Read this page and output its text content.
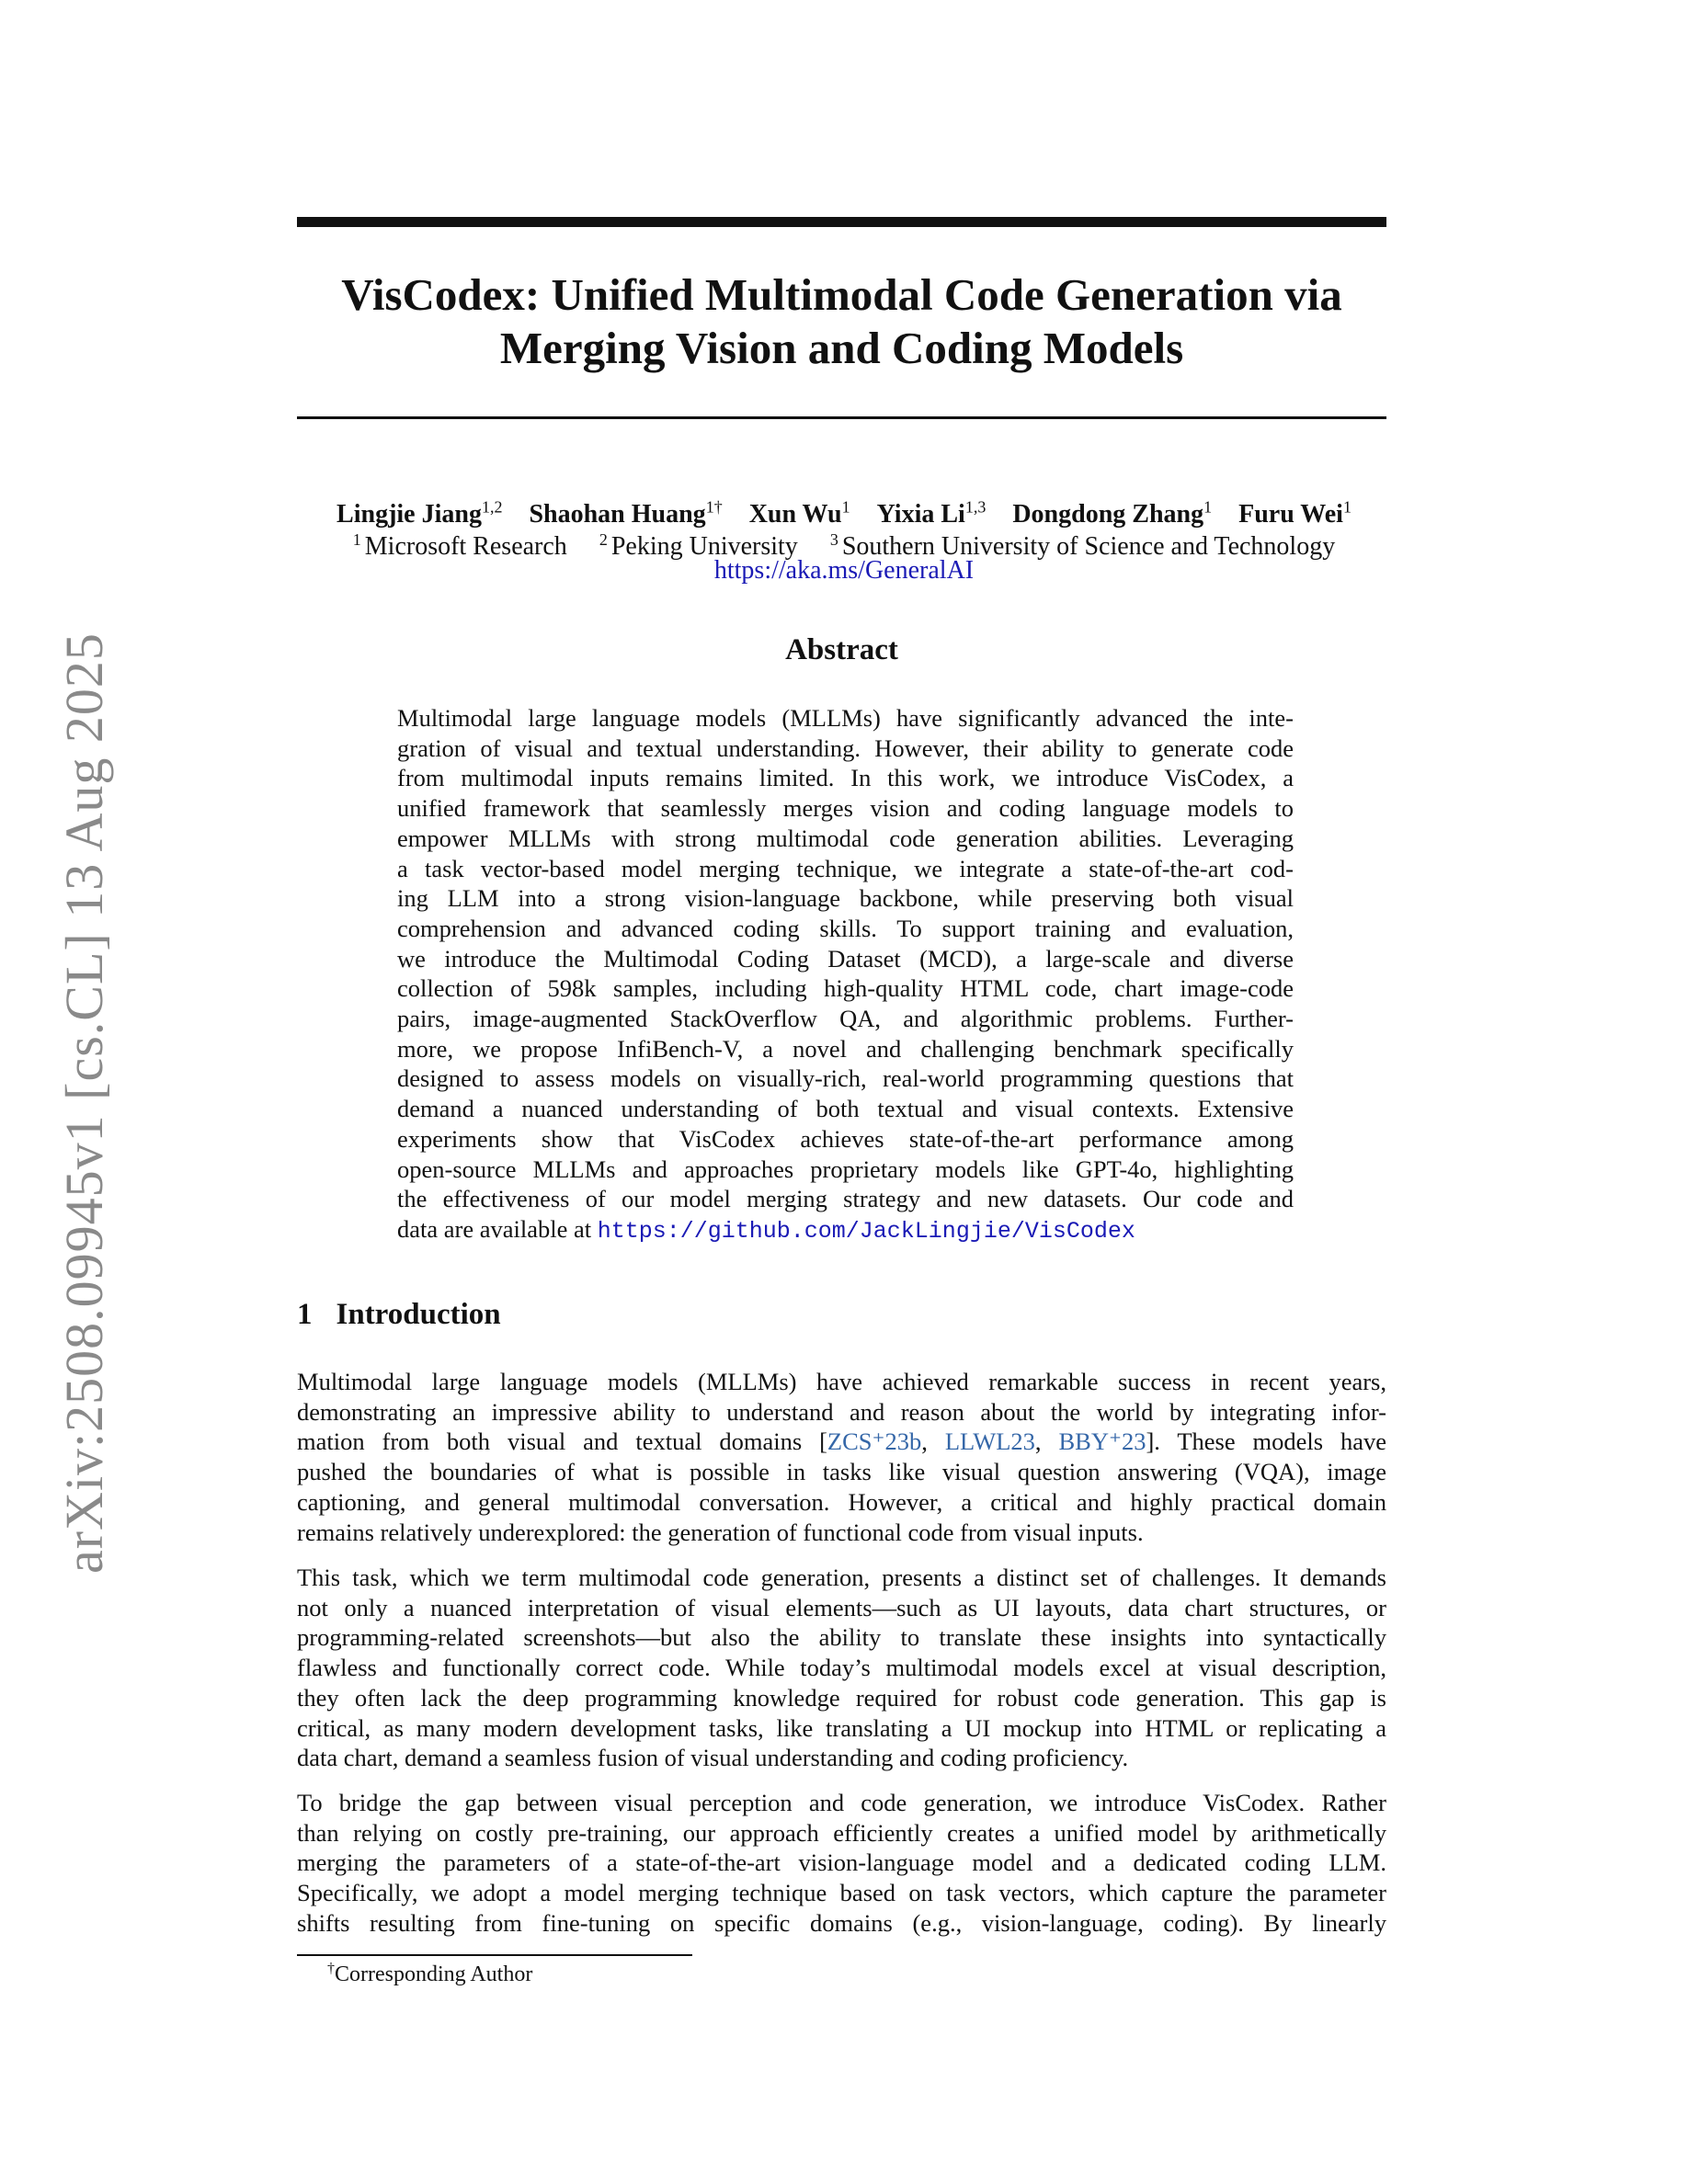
arXiv:2508.09945v1 [cs.CL] 13 Aug 2025
VisCodex: Unified Multimodal Code Generation via
Merging Vision and Coding Models
Lingjie Jiang$^{1,2}$ Shaohan Huang$^{1\dagger}$ Xun Wu$^1$ Yixia Li$^{1,3}$ Dongdong Zhang$^1$ Furu Wei$^1$
$^1$ Microsoft Research $^2$ Peking University $^3$ Southern University of Science and Technology
https://aka.ms/GeneralAI
Abstract
Multimodal large language models (MLLMs) have significantly advanced the inte-
gration of visual and textual understanding. However, their ability to generate code
from multimodal inputs remains limited. In this work, we introduce VisCodex, a
unified framework that seamlessly merges vision and coding language models to
empower MLLMs with strong multimodal code generation abilities. Leveraging
a task vector-based model merging technique, we integrate a state-of-the-art cod-
ing LLM into a strong vision-language backbone, while preserving both visual
comprehension and advanced coding skills. To support training and evaluation,
we introduce the Multimodal Coding Dataset (MCD), a large-scale and diverse
collection of 598k samples, including high-quality HTML code, chart image-code
pairs, image-augmented StackOverflow QA, and algorithmic problems. Further-
more, we propose InfiBench-V, a novel and challenging benchmark specifically
designed to assess models on visually-rich, real-world programming questions that
demand a nuanced understanding of both textual and visual contexts. Extensive
experiments show that VisCodex achieves state-of-the-art performance among
open-source MLLMs and approaches proprietary models like GPT-4o, highlighting
the effectiveness of our model merging strategy and new datasets. Our code and
data are available at https://github.com/JackLingjie/VisCodex
1 Introduction
Multimodal large language models (MLLMs) have achieved remarkable success in recent years,
demonstrating an impressive ability to understand and reason about the world by integrating infor-
mation from both visual and textual domains [ZCS⁺23b, LLWL23, BBY⁺23]. These models have
pushed the boundaries of what is possible in tasks like visual question answering (VQA), image
captioning, and general multimodal conversation. However, a critical and highly practical domain
remains relatively underexplored: the generation of functional code from visual inputs.
This task, which we term multimodal code generation, presents a distinct set of challenges. It demands
not only a nuanced interpretation of visual elements—such as UI layouts, data chart structures, or
programming-related screenshots—but also the ability to translate these insights into syntactically
flawless and functionally correct code. While today’s multimodal models excel at visual description,
they often lack the deep programming knowledge required for robust code generation. This gap is
critical, as many modern development tasks, like translating a UI mockup into HTML or replicating a
data chart, demand a seamless fusion of visual understanding and coding proficiency.
To bridge the gap between visual perception and code generation, we introduce VisCodex. Rather
than relying on costly pre-training, our approach efficiently creates a unified model by arithmetically
merging the parameters of a state-of-the-art vision-language model and a dedicated coding LLM.
Specifically, we adopt a model merging technique based on task vectors, which capture the parameter
shifts resulting from fine-tuning on specific domains (e.g., vision-language, coding). By linearly
†Corresponding Author
